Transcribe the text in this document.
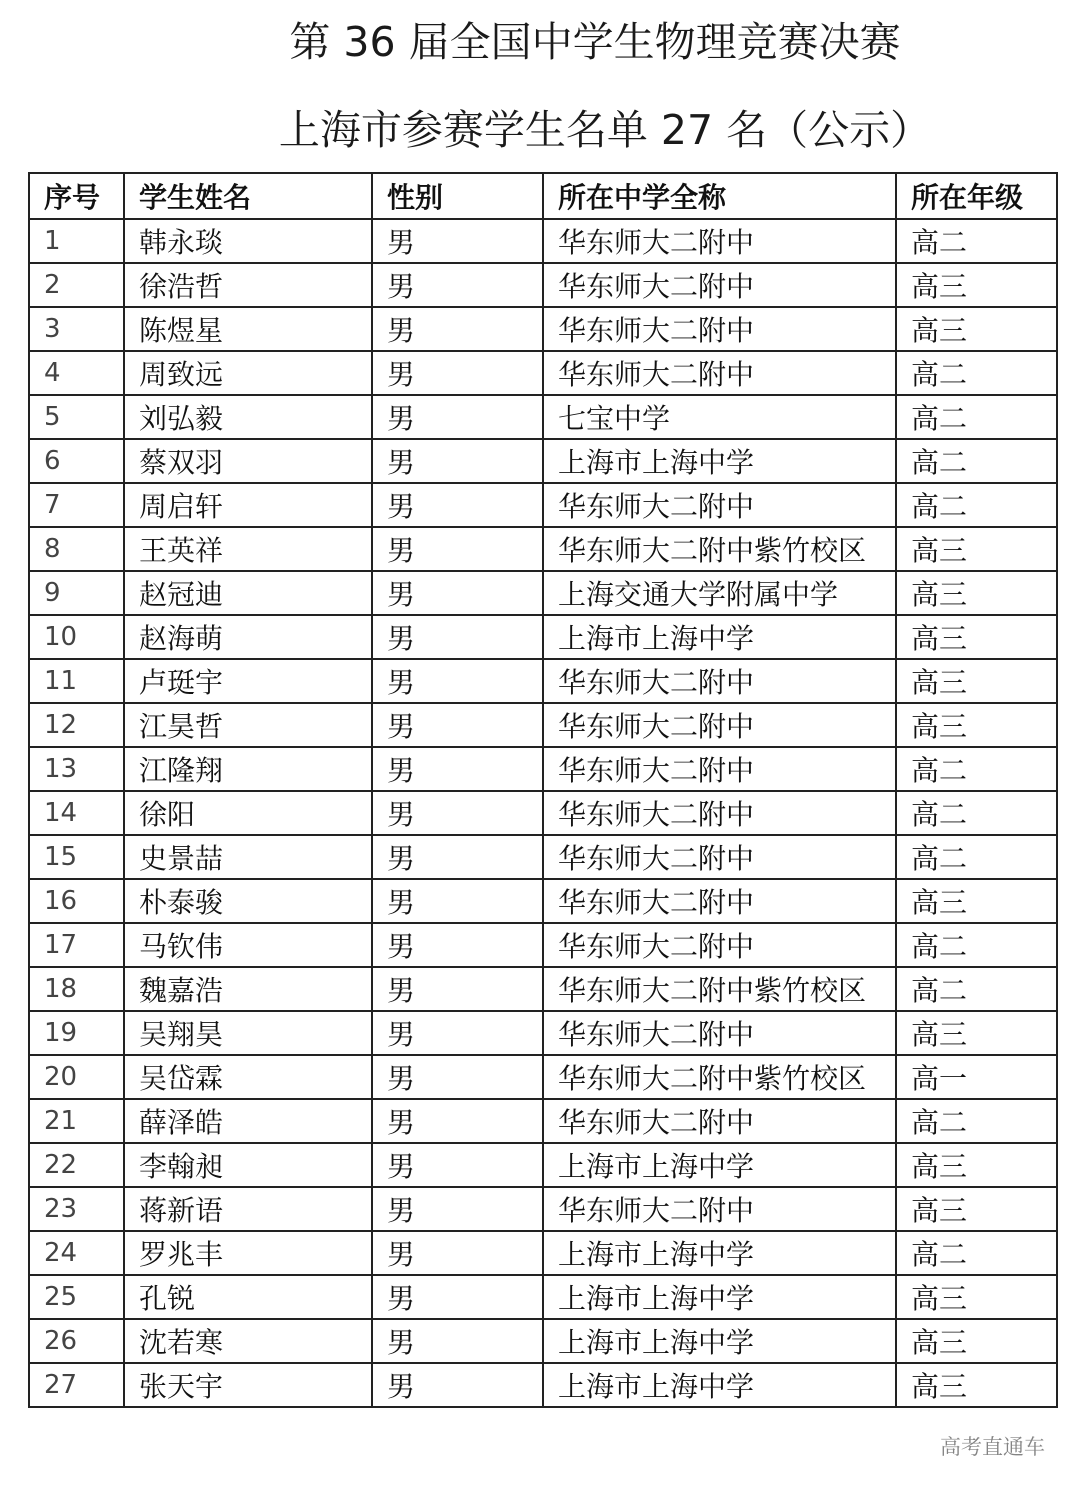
第 36 届全国中学生物理竞赛决赛
上海市参赛学生名单 27 名（公示）
序号	学生姓名	性别	所在中学全称	所在年级
1	韩永琰	男	华东师大二附中	高二
2	徐浩哲	男	华东师大二附中	高三
3	陈煜星	男	华东师大二附中	高三
4	周致远	男	华东师大二附中	高二
5	刘弘毅	男	七宝中学	高二
6	蔡双羽	男	上海市上海中学	高二
7	周启轩	男	华东师大二附中	高二
8	王英祥	男	华东师大二附中紫竹校区	高三
9	赵冠迪	男	上海交通大学附属中学	高三
10	赵海萌	男	上海市上海中学	高三
11	卢珽宇	男	华东师大二附中	高三
12	江昊哲	男	华东师大二附中	高三
13	江隆翔	男	华东师大二附中	高二
14	徐阳	男	华东师大二附中	高二
15	史景喆	男	华东师大二附中	高二
16	朴泰骏	男	华东师大二附中	高三
17	马钦伟	男	华东师大二附中	高二
18	魏嘉浩	男	华东师大二附中紫竹校区	高二
19	吴翔昊	男	华东师大二附中	高三
20	吴岱霖	男	华东师大二附中紫竹校区	高一
21	薛泽皓	男	华东师大二附中	高二
22	李翰昶	男	上海市上海中学	高三
23	蒋新语	男	华东师大二附中	高三
24	罗兆丰	男	上海市上海中学	高二
25	孔锐	男	上海市上海中学	高三
26	沈若寒	男	上海市上海中学	高三
27	张天宇	男	上海市上海中学	高三
高考直通车
